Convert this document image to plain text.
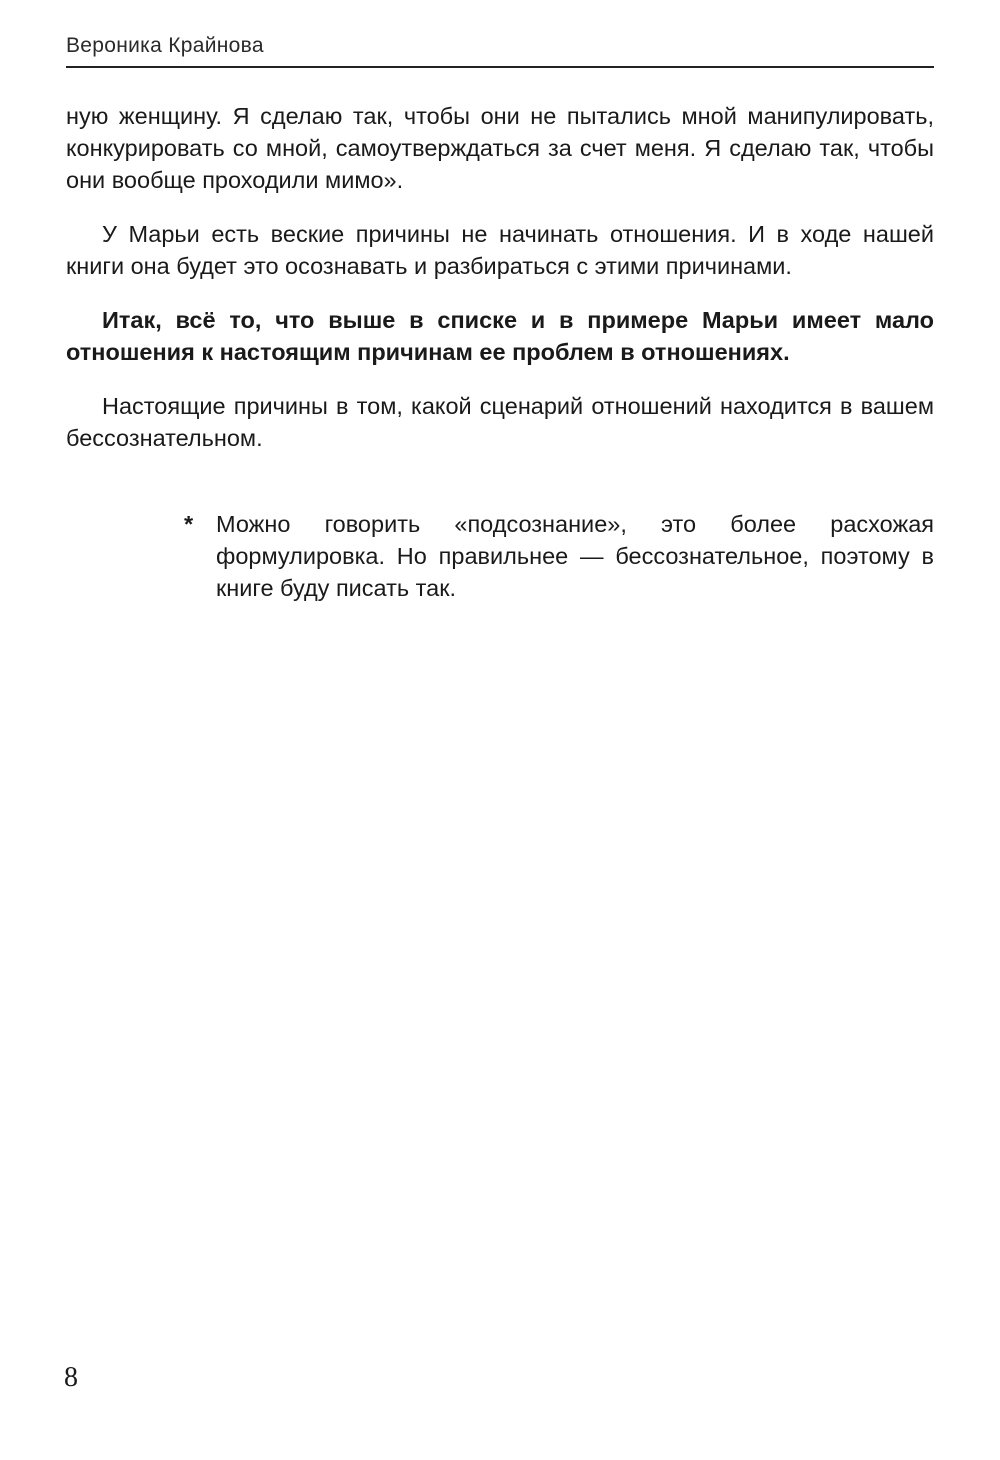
Вероника Крайнова

ную женщину. Я сделаю так, чтобы они не пытались мной манипулировать, конкурировать со мной, самоутверждаться за счет меня. Я сделаю так, чтобы они вообще проходили мимо».

У Марьи есть веские причины не начинать отношения. И в ходе нашей книги она будет это осознавать и разбираться с этими причинами.

Итак, всё то, что выше в списке и в примере Марьи имеет мало отношения к настоящим причинам ее проблем в отношениях.

Настоящие причины в том, какой сценарий отношений находится в вашем бессознательном.

* Можно говорить «подсознание», это более расхожая формулировка. Но правильнее — бессознательное, поэтому в книге буду писать так.
8
